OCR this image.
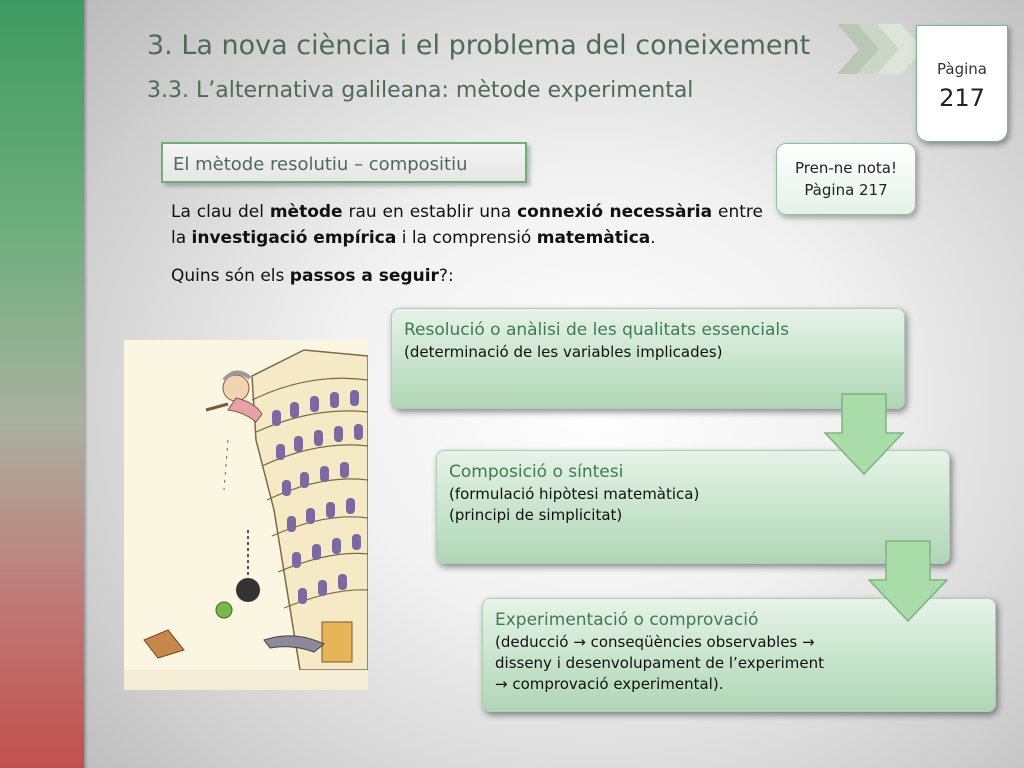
3. La nova ciència i el problema del coneixement
3.3. L’alternativa galileana: mètode experimental
Pàgina
217
Pren-ne nota!
Pàgina 217
El mètode resolutiu – compositiu

La clau del mètode rau en establir una connexió necessària entre la investigació empírica i la comprensió matemàtica.

Quins són els passos a seguir?:

Resolució o anàlisi de les qualitats essencials
(determinació de les variables implicades)
Composició o síntesi
(formulació hipòtesi matemàtica)
(principi de simplicitat)
Experimentació o comprovació
(deducció → conseqüències observables →
disseny i desenvolupament de l’experiment
→ comprovació experimental).
